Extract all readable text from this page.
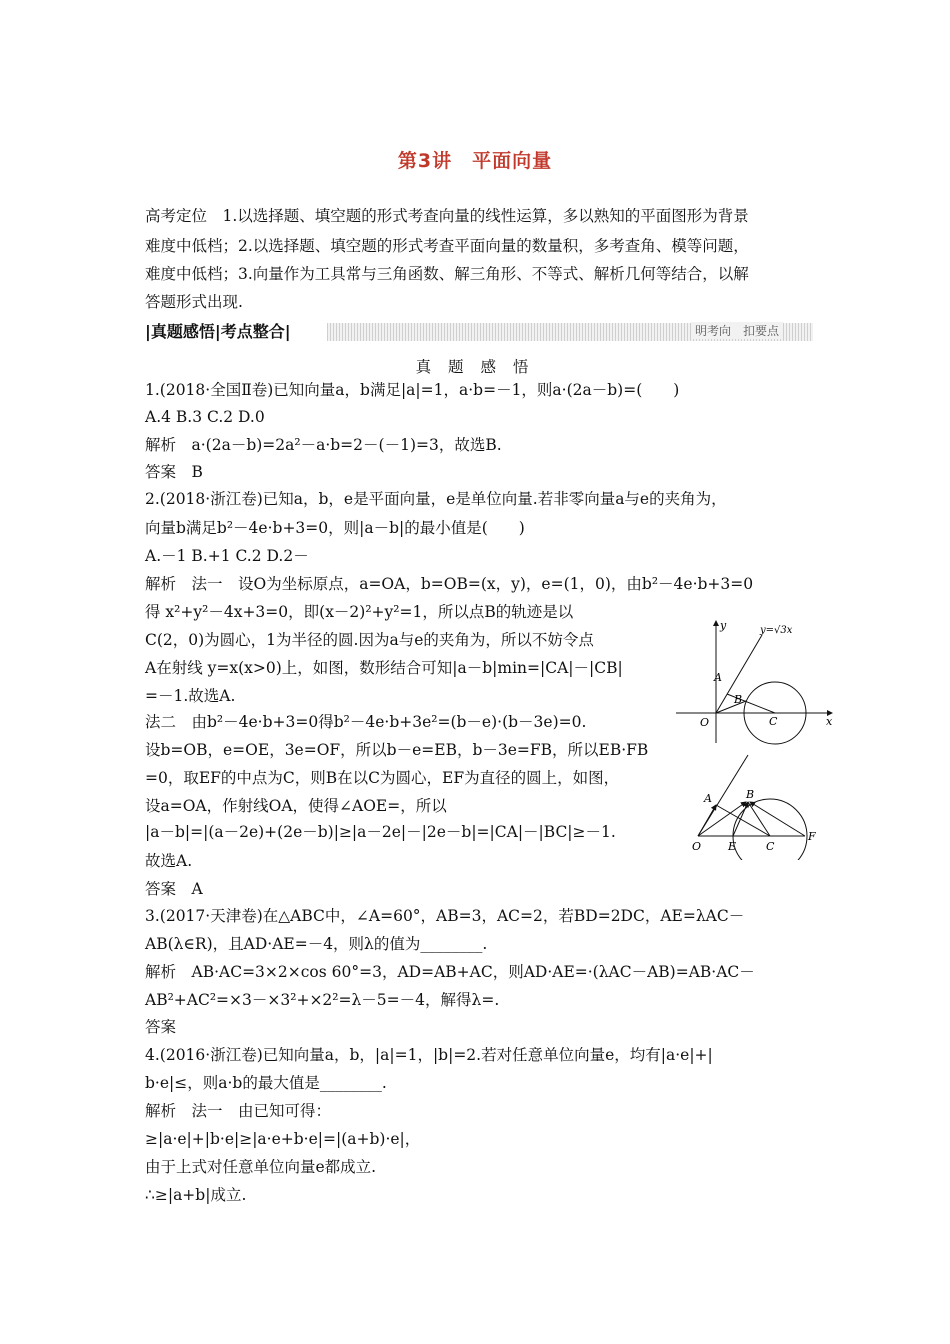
第3讲　平面向量
高考定位　1.以选择题、填空题的形式考查向量的线性运算，多以熟知的平面图形为背景
难度中低档；2.以选择题、填空题的形式考查平面向量的数量积，多考查角、模等问题，
难度中低档；3.向量作为工具常与三角函数、解三角形、不等式、解析几何等结合，以解
答题形式出现.
|真题感悟|考点整合|	明考向　扣要点
真 题 感 悟
1.(2018·全国Ⅱ卷)已知向量a，b满足|a|=1，a·b=－1，则a·(2a－b)=(　　)
A.4 B.3 C.2 D.0
解析　a·(2a－b)=2a²－a·b=2－(－1)=3，故选B.
答案　B
2.(2018·浙江卷)已知a，b，e是平面向量，e是单位向量.若非零向量a与e的夹角为，
向量b满足b²－4e·b+3=0，则|a－b|的最小值是(　　)
A.－1 B.+1 C.2 D.2－
解析　法一　设O为坐标原点，a=OA，b=OB=(x，y)，e=(1，0)，由b²－4e·b+3=0
得 x²+y²－4x+3=0，即(x－2)²+y²=1，所以点B的轨迹是以
C(2，0)为圆心，1为半径的圆.因为a与e的夹角为，所以不妨令点
A在射线 y=x(x>0)上，如图，数形结合可知|a－b|min=|CA|－|CB|
=－1.故选A.
法二　由b²－4e·b+3=0得b²－4e·b+3e²=(b－e)·(b－3e)=0.
设b=OB，e=OE，3e=OF，所以b－e=EB，b－3e=FB，所以EB·FB
=0，取EF的中点为C，则B在以C为圆心，EF为直径的圆上，如图，
设a=OA，作射线OA，使得∠AOE=，所以
|a－b|=|(a－2e)+(2e－b)|≥|a－2e|－|2e－b|=|CA|－|BC|≥－1.
故选A.
答案　A
3.(2017·天津卷)在△ABC中，∠A=60°，AB=3，AC=2，若BD=2DC，AE=λAC－
AB(λ∈R)，且AD·AE=－4，则λ的值为________.
解析　AB·AC=3×2×cos 60°=3，AD=AB+AC，则AD·AE=·(λAC－AB)=AB·AC－
AB²+AC²=×3－×3²+×2²=λ－5=－4，解得λ=.
答案
4.(2016·浙江卷)已知向量a，b，|a|=1，|b|=2.若对任意单位向量e，均有|a·e|+|
b·e|≤，则a·b的最大值是________.
解析　法一　由已知可得：
≥|a·e|+|b·e|≥|a·e+b·e|=|(a+b)·e|，
由于上式对任意单位向量e都成立.
∴≥|a+b|成立.
y	y=√3x
A
B
O	C	x
A	B
O E	C
F
